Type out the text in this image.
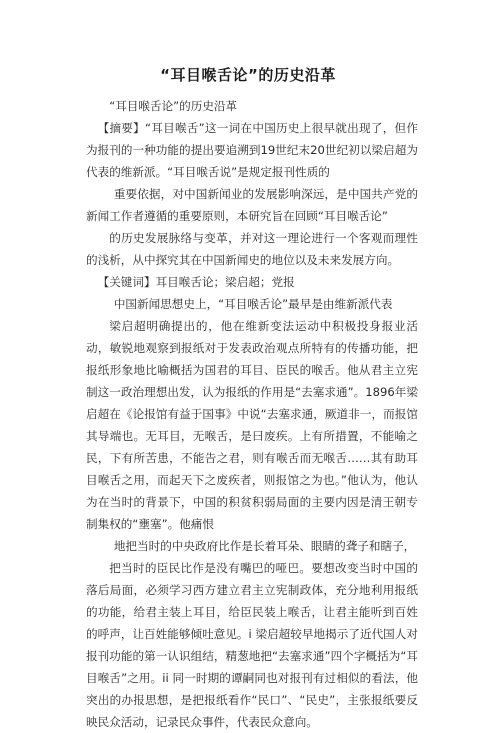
“耳目喉舌论”的历史沿革

“耳目喉舌论”的历史沿革

【摘要】“耳目喉舌”这一词在中国历史上很早就出现了，但作为报刊的一种功能的提出要追溯到19世纪末20世纪初以梁启超为代表的维新派。“耳目喉舌说”是规定报刊性质的

重要依据，对中国新闻业的发展影响深远，是中国共产党的新闻工作者遵循的重要原则，本研究旨在回顾“耳目喉舌论”

的历史发展脉络与变革，并对这一理论进行一个客观而理性的浅析，从中探究其在中国新闻史的地位以及未来发展方向。

【关键词】耳目喉舌论；梁启超；党报

中国新闻思想史上，“耳目喉舌论”最早是由维新派代表

梁启超明确提出的，他在维新变法运动中积极投身报业活动，敏锐地观察到报纸对于发表政治观点所特有的传播功能，把报纸形象地比喻概括为国君的耳目、臣民的喉舌。他从君主立宪制这一政治理想出发，认为报纸的作用是“去塞求通”。1896年梁启超在《论报馆有益于国事》中说“去塞求通，厥道非一，而报馆其导端也。无耳目，无喉舌，是曰废疾。上有所措置，不能喻之民，下有所苦患，不能告之君，则有喉舌而无喉舌……其有助耳目喉舌之用，而起天下之废疾者，则报馆之为也。”他认为，他认为在当时的背景下，中国的积贫积弱局面的主要内因是清王朝专制集权的“壅塞”。他痛恨

地把当时的中央政府比作是长着耳朵、眼睛的聋子和瞎子，

把当时的臣民比作是没有嘴巴的哑巴。要想改变当时中国的落后局面，必须学习西方建立君主立宪制政体，充分地利用报纸的功能，给君主装上耳目，给臣民装上喉舌，让君主能听到百姓的呼声，让百姓能够倾吐意见。i 梁启超较早地揭示了近代国人对报刊功能的第一认识组结，精葱地把“去塞求通”四个字概括为“耳目喉舌”之用。ii 同一时期的谭嗣同也对报刊有过相似的看法，他突出的办报思想，是把报纸看作“民口”、“民史”，主张报纸要反映民众活动，记录民众事件，代表民众意向。
